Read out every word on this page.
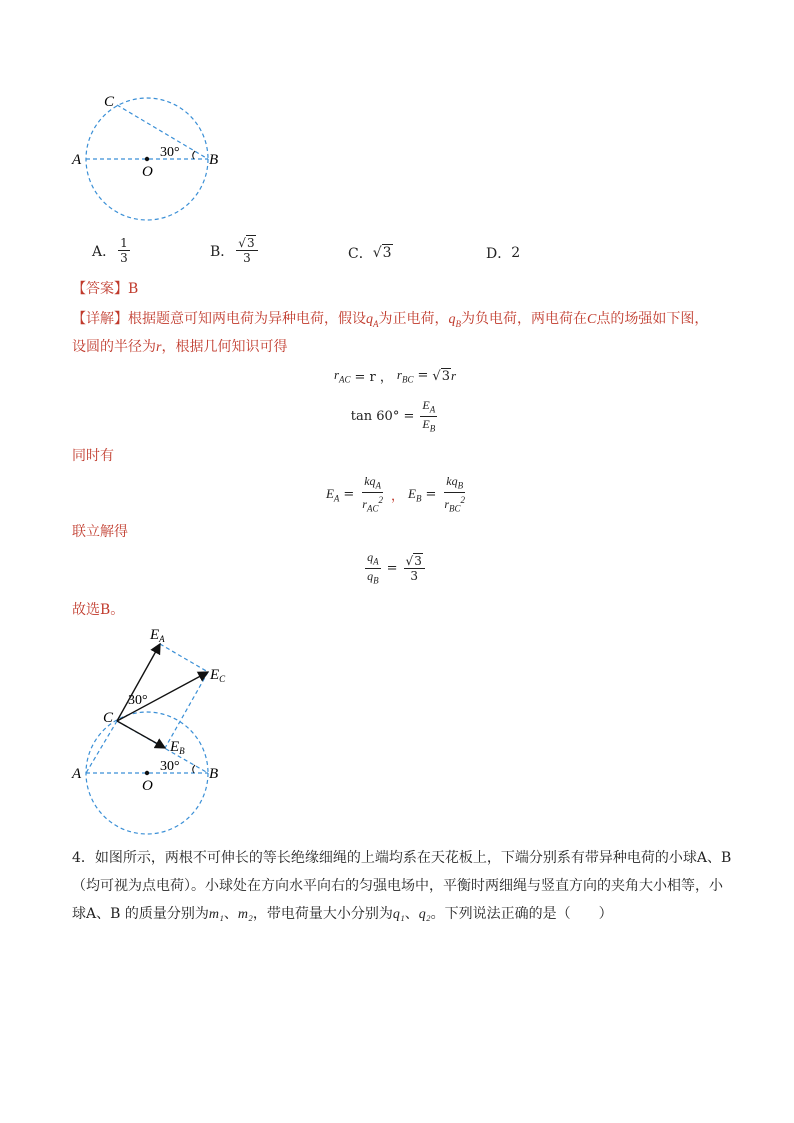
C
A
O
B
30°
A． $\frac{1}{3}$	B． $\frac{√3}{3}$	C． √3	D． 2
【答案】B
【详解】根据题意可知两电荷为异种电荷，假设$q_A$为正电荷，$q_B$为负电荷，两电荷在C点的场强如下图，
设圆的半径为r，根据几何知识可得
$r_{AC} = r$ ， $r_{BC} = √3r$
$\tan 60^\circ = \frac{E_A}{E_B}$
同时有
$E_A = \frac{kq_A}{r_{AC}^2}$ ， $E_B = \frac{kq_B}{r_{BC}^2}$
联立解得
$\frac{q_A}{q_B} = \frac{√3}{3}$
故选B。
$E_A$
$E_C$
$E_B$
C
A
O
B
30°
30°
4．如图所示，两根不可伸长的等长绝缘细绳的上端均系在天花板上，下端分别系有带异种电荷的小球A、B
（均可视为点电荷）。小球处在方向水平向右的匀强电场中，平衡时两细绳与竖直方向的夹角大小相等，小
球A、B 的质量分别为m₁、m₂，带电荷量大小分别为q₁、q₂。下列说法正确的是（　　）
